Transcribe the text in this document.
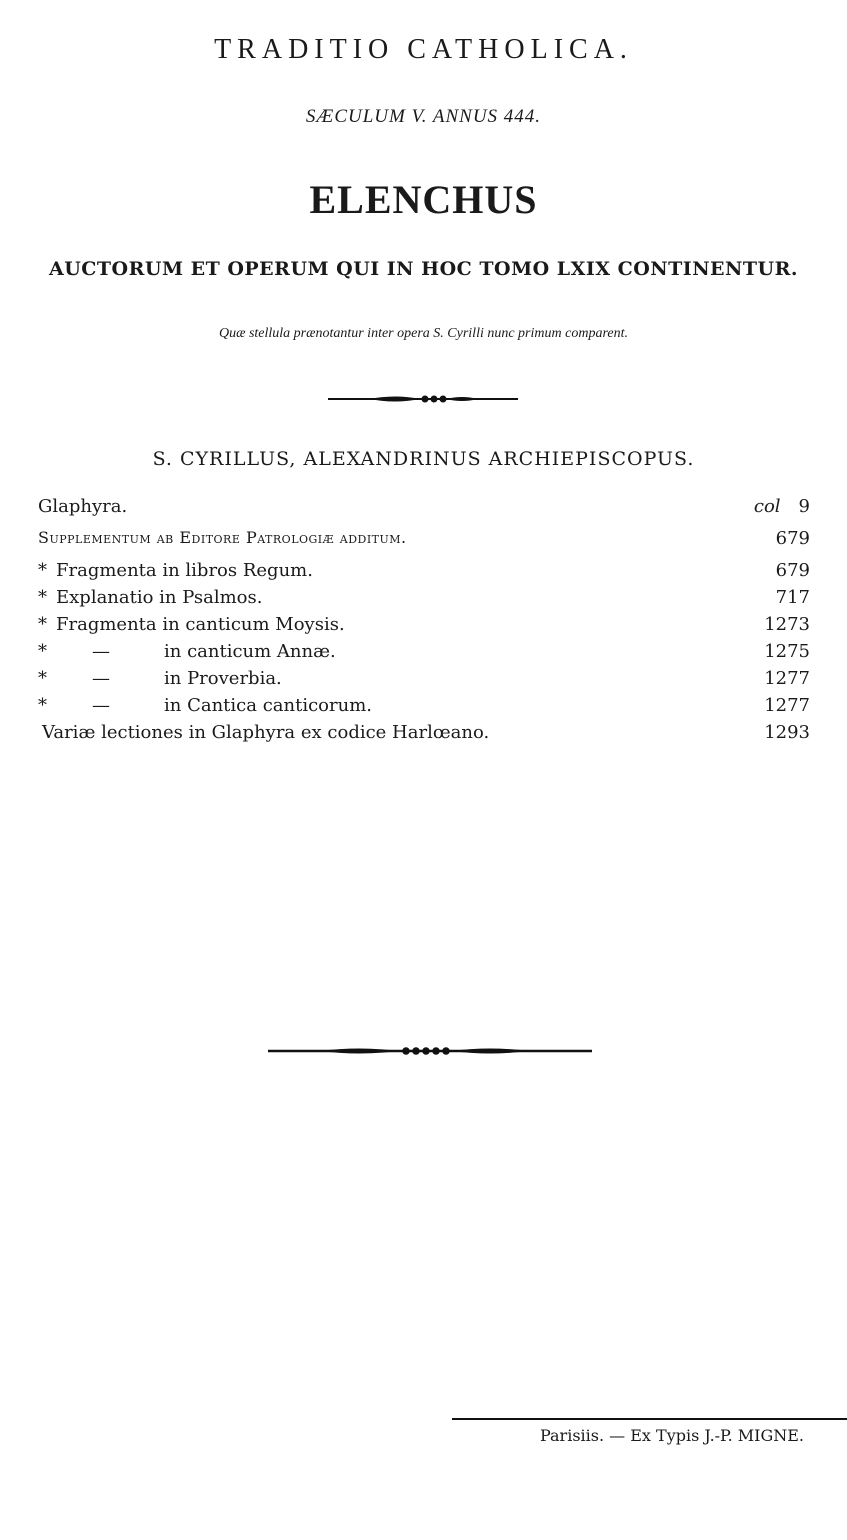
TRADITIO CATHOLICA.
SÆCULUM V. ANNUS 444.
ELENCHUS
AUCTORUM ET OPERUM QUI IN HOC TOMO LXIX CONTINENTUR.
Quæ stellula prænotantur inter opera S. Cyrilli nunc primum comparent.
S. CYRILLUS, ALEXANDRINUS ARCHIEPISCOPUS.
Glaphyra.	col 9
Supplementum ab Editore Patrologiæ additum.	679
* Fragmenta in libros Regum.	679
* Explanatio in Psalmos.	717
* Fragmenta in canticum Moysis.	1273
*	—	in canticum Annæ.	1275
*	—	in Proverbia.	1277
*	—	in Cantica canticorum.	1277
Variæ lectiones in Glaphyra ex codice Harlœano.	1293
Parisiis. — Ex Typis J.-P. MIGNE.
